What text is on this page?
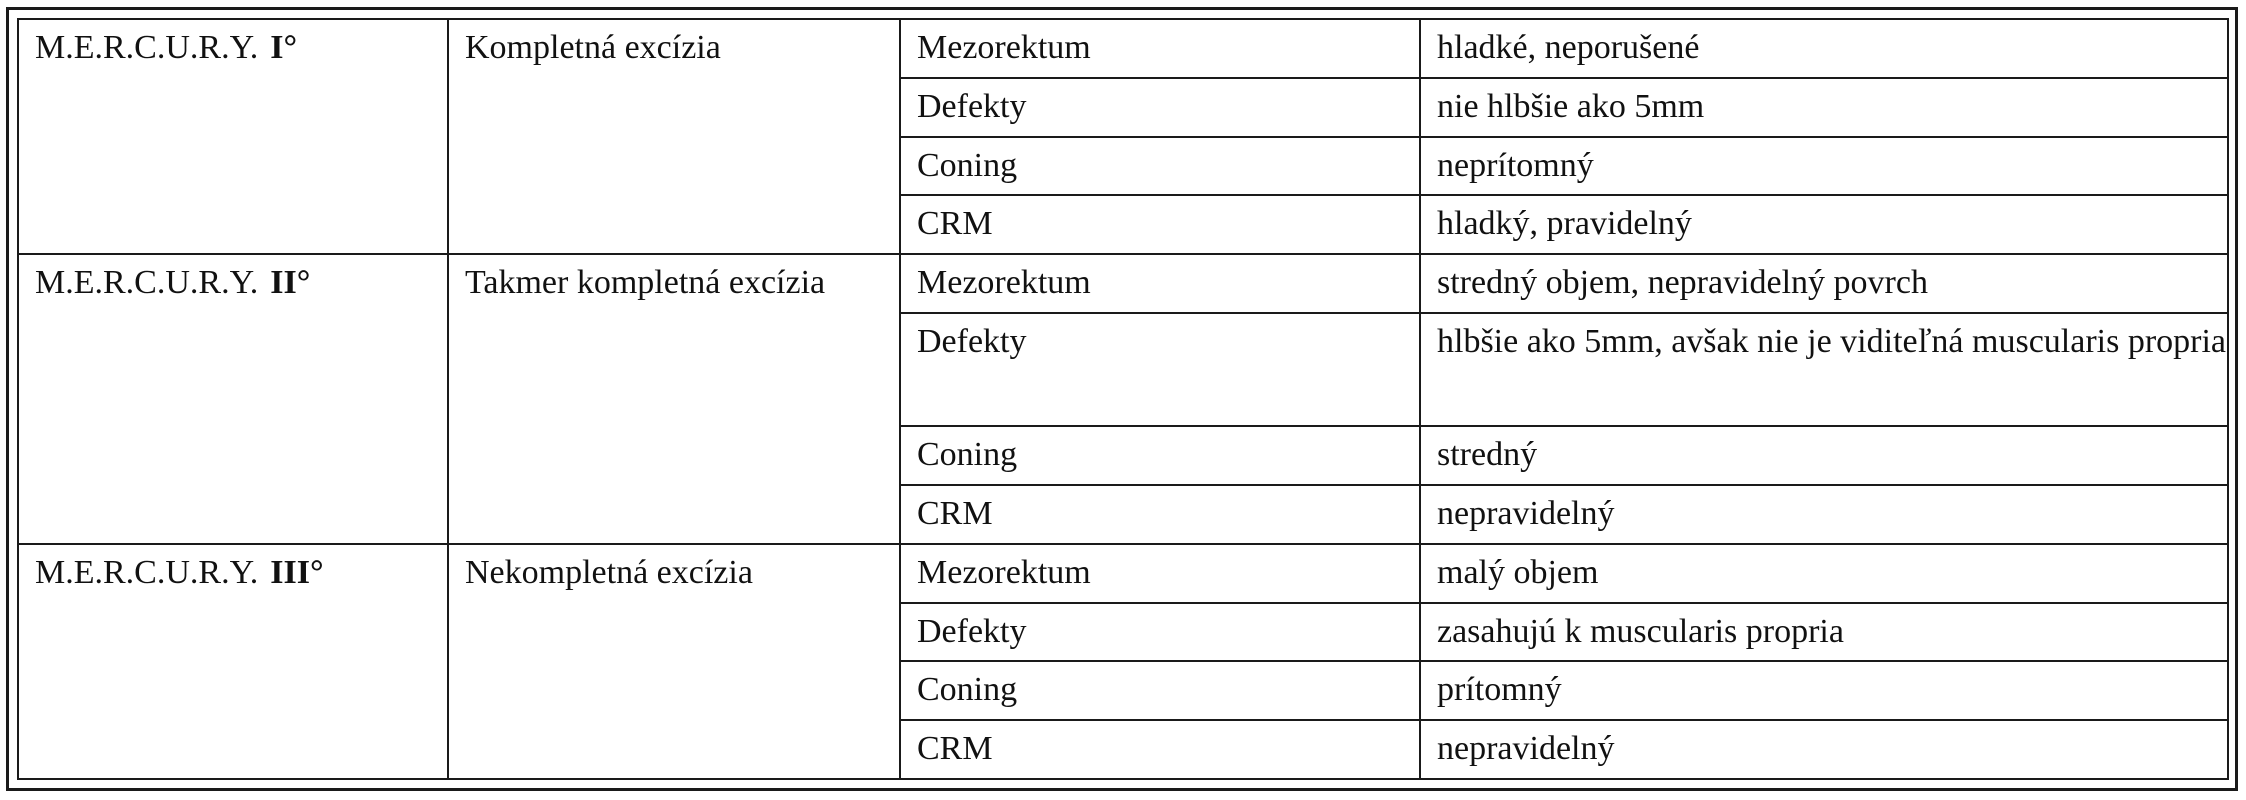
M.E.R.C.U.R.Y. I°	Kompletná excízia	Mezorektum	hladké, neporušené
		Defekty	nie hlbšie ako 5mm
		Coning	neprítomný
		CRM	hladký, pravidelný
M.E.R.C.U.R.Y. II°	Takmer kompletná excízia	Mezorektum	stredný objem, nepravidelný povrch
		Defekty	hlbšie ako 5mm, avšak nie je viditeľná muscularis propria
		Coning	stredný
		CRM	nepravidelný
M.E.R.C.U.R.Y. III°	Nekompletná excízia	Mezorektum	malý objem
		Defekty	zasahujú k muscularis propria
		Coning	prítomný
		CRM	nepravidelný
